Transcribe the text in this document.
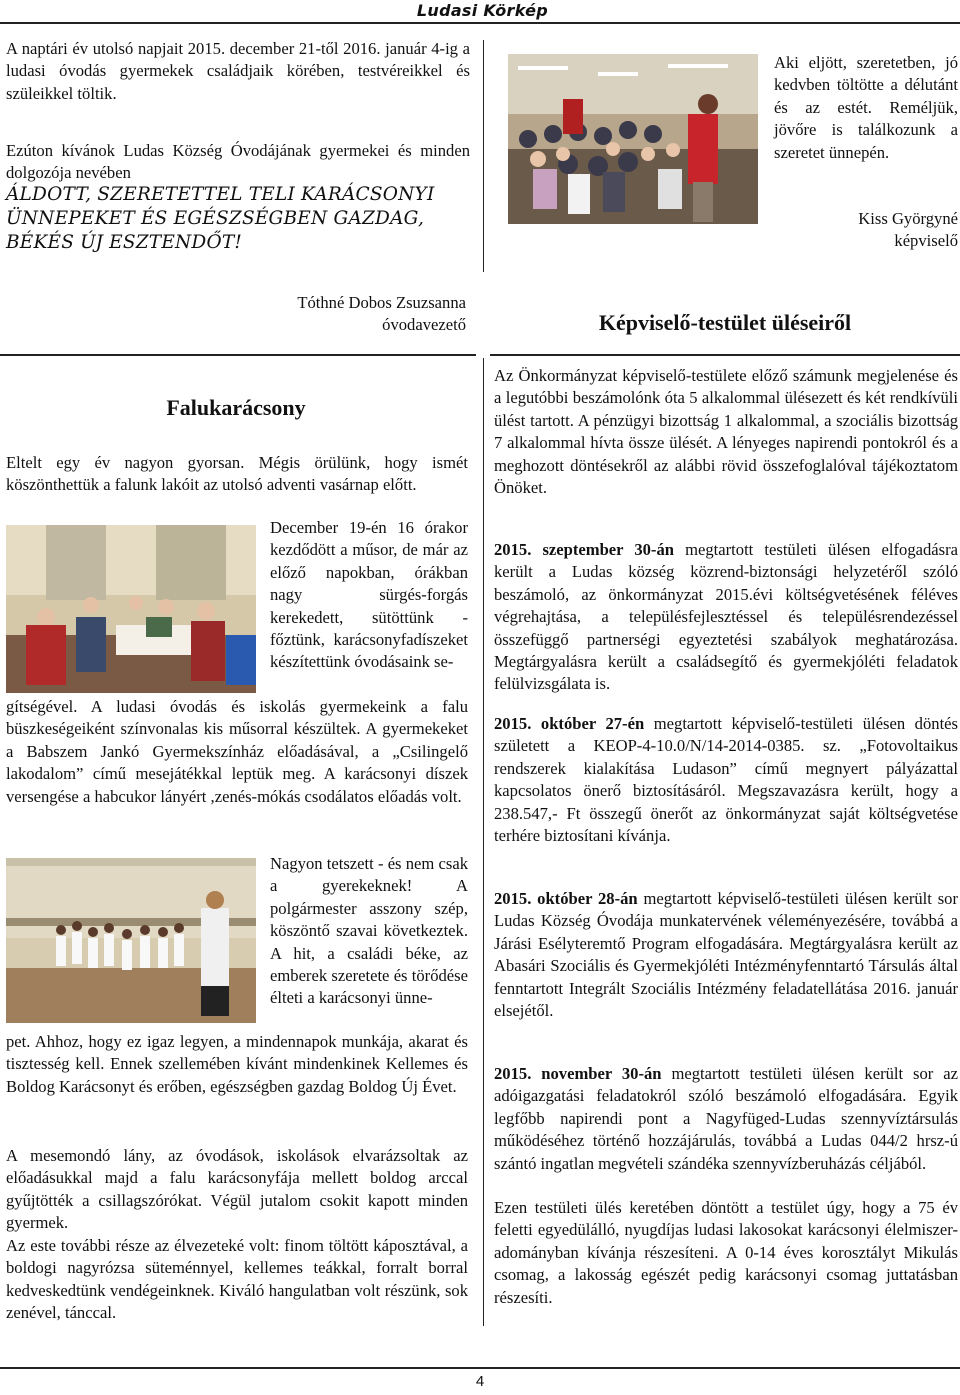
Ludasi Körkép
A naptári év utolsó napjait 2015. december 21-től 2016. január 4-ig a ludasi óvodás gyermekek családjaik körében, testvéreikkel és szüleikkel töltik.
Ezúton kívánok Ludas Község Óvodájának gyermekei és minden dolgozója nevében
ÁLDOTT, SZERETETTEL TELI KARÁCSONYI ÜNNEPEKET ÉS EGÉSZSÉGBEN GAZDAG, BÉKÉS ÚJ ESZTENDŐT!
Tóthné Dobos Zsuzsanna
óvodavezető
Aki eljött, szeretetben, jó kedvben töltötte a délutánt és az estét. Reméljük, jövőre is találkozunk a szeretet ünnepén.
Kiss Györgyné
képviselő
Képviselő-testület üléseiről
Falukarácsony
Eltelt egy év nagyon gyorsan. Mégis örülünk, hogy ismét köszönthettük a falunk lakóit az utolsó adventi vasárnap előtt.
December 19-én 16 órakor kezdődött a műsor, de már az előző napokban, órákban nagy sürgés-forgás kerekedett, sütöttünk - főztünk, karácsonyfadíszeket készítettünk óvodásaink se-
gítségével. A ludasi óvodás és iskolás gyermekeink a falu büszkeségeiként színvonalas kis műsorral készültek. A gyermekeket a Babszem Jankó Gyermekszínház előadásával, a „Csilingelő lakodalom” című mesejátékkal leptük meg. A karácsonyi díszek versengése a habcukor lányért ,zenés-mókás csodálatos előadás volt.
Nagyon tetszett - és nem csak a gyerekeknek! A polgármester asszony szép, köszöntő szavai következtek. A hit, a családi béke, az emberek szeretete és törődése élteti a karácsonyi ünne-
pet. Ahhoz, hogy ez igaz legyen, a mindennapok munkája, akarat és tisztesség kell. Ennek szellemében kívánt mindenkinek Kellemes és Boldog Karácsonyt és erőben, egészségben gazdag Boldog Új Évet.
A mesemondó lány, az óvodások, iskolások elvarázsoltak az előadásukkal majd a falu karácsonyfája mellett boldog arccal gyűjtötték a csillagszórókat. Végül jutalom csokit kapott minden gyermek.
Az este további része az élvezeteké volt: finom töltött káposztával, a boldogi nagyrózsa süteménnyel, kellemes teákkal, forralt borral kedveskedtünk vendégeinknek. Kiváló hangulatban volt részünk, sok zenével, tánccal.
Az Önkormányzat képviselő-testülete előző számunk megjelenése és a legutóbbi beszámolónk óta 5 alkalommal ülésezett és két rendkívüli ülést tartott. A pénzügyi bizottság 1 alkalommal, a szociális bizottság 7 alkalommal hívta össze ülését. A lényeges napirendi pontokról és a meghozott döntésekről az alábbi rövid összefoglalóval tájékoztatom Önöket.
2015. szeptember 30-án megtartott testületi ülésen elfogadásra került a Ludas község közrend-biztonsági helyzetéről szóló beszámoló, az önkormányzat 2015.évi költségvetésének féléves végrehajtása, a településfejlesztéssel és településrendezéssel összefüggő partnerségi egyeztetési szabályok meghatározása. Megtárgyalásra került a családsegítő és gyermekjóléti feladatok felülvizsgálata is.
2015. október 27-én megtartott képviselő-testületi ülésen döntés született a KEOP-4-10.0/N/14-2014-0385. sz. „Fotovoltaikus rendszerek kialakítása Ludason” című megnyert pályázattal kapcsolatos önerő biztosításáról. Megszavazásra került, hogy a 238.547,- Ft összegű önerőt az önkormányzat saját költségvetése terhére biztosítani kívánja.
2015. október 28-án megtartott képviselő-testületi ülésen került sor Ludas Község Óvodája munkatervének véleményezésére, továbbá a Járási Esélyteremtő Program elfogadására. Megtárgyalásra került az Abasári Szociális és Gyermekjóléti Intézményfenntartó Társulás által fenntartott Integrált Szociális Intézmény feladatellátása 2016. január elsejétől.
2015. november 30-án megtartott testületi ülésen került sor az adóigazgatási feladatokról szóló beszámoló elfogadására. Egyik legfőbb napirendi pont a Nagyfüged-Ludas szennyvíztársulás működéséhez történő hozzájárulás, továbbá a Ludas 044/2 hrsz-ú szántó ingatlan megvételi szándéka szennyvízberuházás céljából.
Ezen testületi ülés keretében döntött a testület úgy, hogy a 75 év feletti egyedülálló, nyugdíjas ludasi lakosokat karácsonyi élelmiszer-adományban kívánja részesíteni. A 0-14 éves korosztályt Mikulás csomag, a lakosság egészét pedig karácsonyi csomag juttatásban részesíti.
4
